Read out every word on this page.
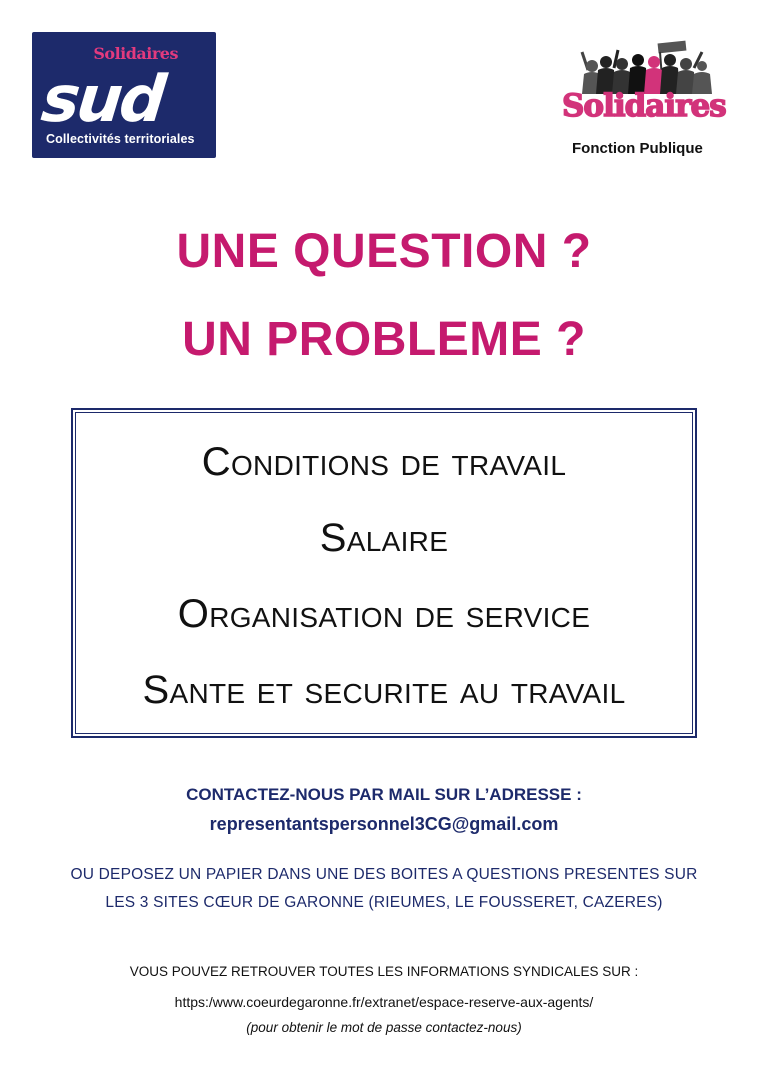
Solidaires
sud
Collectivités territoriales
Solidaires
Fonction Publique
UNE QUESTION ?
UN PROBLEME ?
Conditions de travail
Salaire
Organisation de service
Sante et securite au travail
CONTACTEZ-NOUS PAR MAIL SUR L’ADRESSE :
representantspersonnel3CG@gmail.com
OU DEPOSEZ UN PAPIER DANS UNE DES BOITES A QUESTIONS PRESENTES SUR
LES 3 SITES CŒUR DE GARONNE (RIEUMES, LE FOUSSERET, CAZERES)
VOUS POUVEZ RETROUVER TOUTES LES INFORMATIONS SYNDICALES SUR :
https:/www.coeurdegaronne.fr/extranet/espace-reserve-aux-agents/
(pour obtenir le mot de passe contactez-nous)
